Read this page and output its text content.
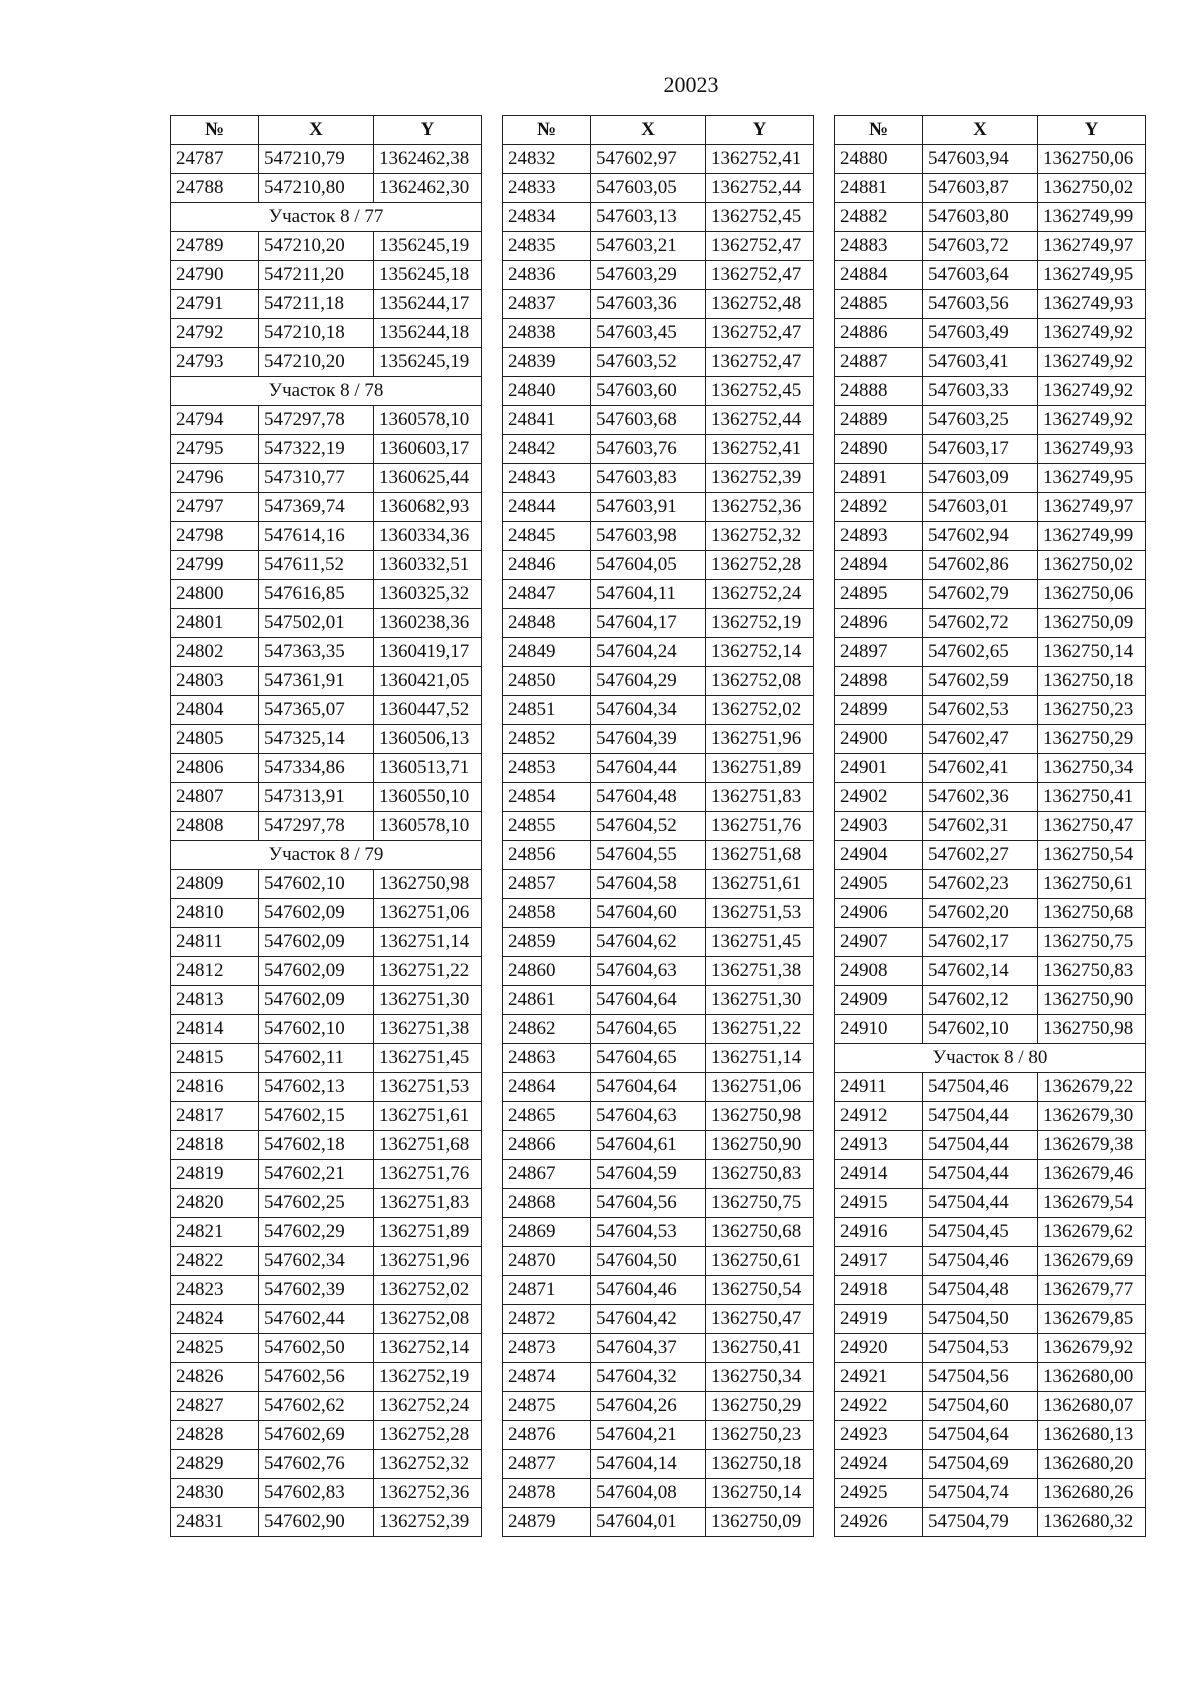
20023
№	X	Y
24787	547210,79	1362462,38
24788	547210,80	1362462,30
Участок 8 / 77		
24789	547210,20	1356245,19
24790	547211,20	1356245,18
24791	547211,18	1356244,17
24792	547210,18	1356244,18
24793	547210,20	1356245,19
Участок 8 / 78		
24794	547297,78	1360578,10
24795	547322,19	1360603,17
24796	547310,77	1360625,44
24797	547369,74	1360682,93
24798	547614,16	1360334,36
24799	547611,52	1360332,51
24800	547616,85	1360325,32
24801	547502,01	1360238,36
24802	547363,35	1360419,17
24803	547361,91	1360421,05
24804	547365,07	1360447,52
24805	547325,14	1360506,13
24806	547334,86	1360513,71
24807	547313,91	1360550,10
24808	547297,78	1360578,10
Участок 8 / 79		
24809	547602,10	1362750,98
24810	547602,09	1362751,06
24811	547602,09	1362751,14
24812	547602,09	1362751,22
24813	547602,09	1362751,30
24814	547602,10	1362751,38
24815	547602,11	1362751,45
24816	547602,13	1362751,53
24817	547602,15	1362751,61
24818	547602,18	1362751,68
24819	547602,21	1362751,76
24820	547602,25	1362751,83
24821	547602,29	1362751,89
24822	547602,34	1362751,96
24823	547602,39	1362752,02
24824	547602,44	1362752,08
24825	547602,50	1362752,14
24826	547602,56	1362752,19
24827	547602,62	1362752,24
24828	547602,69	1362752,28
24829	547602,76	1362752,32
24830	547602,83	1362752,36
24831	547602,90	1362752,39
№	X	Y
24832	547602,97	1362752,41
24833	547603,05	1362752,44
24834	547603,13	1362752,45
24835	547603,21	1362752,47
24836	547603,29	1362752,47
24837	547603,36	1362752,48
24838	547603,45	1362752,47
24839	547603,52	1362752,47
24840	547603,60	1362752,45
24841	547603,68	1362752,44
24842	547603,76	1362752,41
24843	547603,83	1362752,39
24844	547603,91	1362752,36
24845	547603,98	1362752,32
24846	547604,05	1362752,28
24847	547604,11	1362752,24
24848	547604,17	1362752,19
24849	547604,24	1362752,14
24850	547604,29	1362752,08
24851	547604,34	1362752,02
24852	547604,39	1362751,96
24853	547604,44	1362751,89
24854	547604,48	1362751,83
24855	547604,52	1362751,76
24856	547604,55	1362751,68
24857	547604,58	1362751,61
24858	547604,60	1362751,53
24859	547604,62	1362751,45
24860	547604,63	1362751,38
24861	547604,64	1362751,30
24862	547604,65	1362751,22
24863	547604,65	1362751,14
24864	547604,64	1362751,06
24865	547604,63	1362750,98
24866	547604,61	1362750,90
24867	547604,59	1362750,83
24868	547604,56	1362750,75
24869	547604,53	1362750,68
24870	547604,50	1362750,61
24871	547604,46	1362750,54
24872	547604,42	1362750,47
24873	547604,37	1362750,41
24874	547604,32	1362750,34
24875	547604,26	1362750,29
24876	547604,21	1362750,23
24877	547604,14	1362750,18
24878	547604,08	1362750,14
24879	547604,01	1362750,09
№	X	Y
24880	547603,94	1362750,06
24881	547603,87	1362750,02
24882	547603,80	1362749,99
24883	547603,72	1362749,97
24884	547603,64	1362749,95
24885	547603,56	1362749,93
24886	547603,49	1362749,92
24887	547603,41	1362749,92
24888	547603,33	1362749,92
24889	547603,25	1362749,92
24890	547603,17	1362749,93
24891	547603,09	1362749,95
24892	547603,01	1362749,97
24893	547602,94	1362749,99
24894	547602,86	1362750,02
24895	547602,79	1362750,06
24896	547602,72	1362750,09
24897	547602,65	1362750,14
24898	547602,59	1362750,18
24899	547602,53	1362750,23
24900	547602,47	1362750,29
24901	547602,41	1362750,34
24902	547602,36	1362750,41
24903	547602,31	1362750,47
24904	547602,27	1362750,54
24905	547602,23	1362750,61
24906	547602,20	1362750,68
24907	547602,17	1362750,75
24908	547602,14	1362750,83
24909	547602,12	1362750,90
24910	547602,10	1362750,98
Участок 8 / 80		
24911	547504,46	1362679,22
24912	547504,44	1362679,30
24913	547504,44	1362679,38
24914	547504,44	1362679,46
24915	547504,44	1362679,54
24916	547504,45	1362679,62
24917	547504,46	1362679,69
24918	547504,48	1362679,77
24919	547504,50	1362679,85
24920	547504,53	1362679,92
24921	547504,56	1362680,00
24922	547504,60	1362680,07
24923	547504,64	1362680,13
24924	547504,69	1362680,20
24925	547504,74	1362680,26
24926	547504,79	1362680,32
